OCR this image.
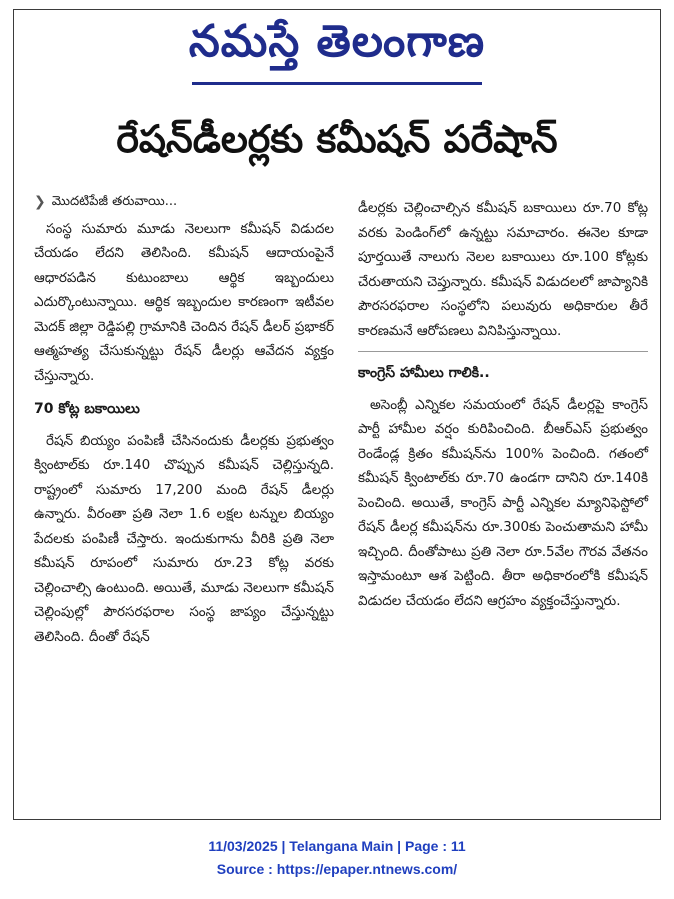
నమస్తే తెలంగాణ
రేషన్‌డీలర్లకు కమీషన్ పరేషాన్
❯ మొదటిపేజీ తరువాయి...

సంస్థ సుమారు మూడు నెలలుగా కమీషన్ విడుదల చేయడం లేదని తెలిసింది. కమీషన్ ఆదాయంపైనే ఆధారపడిన కుటుంబాలు ఆర్థిక ఇబ్బందులు ఎదుర్కొంటున్నాయి. ఆర్థిక ఇబ్బందుల కారణంగా ఇటీవల మెదక్ జిల్లా రెడ్డిపల్లి గ్రామానికి చెందిన రేషన్ డీలర్ ప్రభాకర్ ఆత్మహత్య చేసుకున్నట్టు రేషన్ డీలర్లు ఆవేదన వ్యక్తం చేస్తున్నారు.

70 కోట్ల బకాయిలు

రేషన్ బియ్యం పంపిణీ చేసినందుకు డీలర్లకు ప్రభుత్వం క్వింటాల్‌కు రూ.140 చొప్పున కమీషన్ చెల్లిస్తున్నది. రాష్ట్రంలో సుమారు 17,200 మంది రేషన్ డీలర్లు ఉన్నారు. వీరంతా ప్రతి నెలా 1.6 లక్షల టన్నుల బియ్యం పేదలకు పంపిణీ చేస్తారు. ఇందుకుగాను వీరికి ప్రతి నెలా కమీషన్ రూపంలో సుమారు రూ.23 కోట్ల వరకు చెల్లించాల్సి ఉంటుంది. అయితే, మూడు నెలలుగా కమీషన్ చెల్లింపుల్లో పౌరసరఫరాల సంస్థ జాప్యం చేస్తున్నట్టు తెలిసింది. దీంతో రేషన్

డీలర్లకు చెల్లించాల్సిన కమీషన్ బకాయిలు రూ.70 కోట్ల వరకు పెండింగ్‌లో ఉన్నట్టు సమాచారం. ఈనెల కూడా పూర్తయితే నాలుగు నెలల బకాయిలు రూ.100 కోట్లకు చేరుతాయని చెప్తున్నారు. కమీషన్ విడుదలలో జాప్యానికి పౌరసరఫరాల సంస్థలోని పలువురు అధికారుల తీరే కారణమనే ఆరోపణలు వినిపిస్తున్నాయి.

కాంగ్రెస్ హామీలు గాలికి..

అసెంబ్లీ ఎన్నికల సమయంలో రేషన్ డీలర్లపై కాంగ్రెస్ పార్టీ హామీల వర్షం కురిపించింది. బీఆర్‌ఎస్ ప్రభుత్వం రెండేండ్ల క్రితం కమీషన్‌ను 100% పెంచింది. గతంలో కమీషన్ క్వింటాల్‌కు రూ.70 ఉండగా దానిని రూ.140కి పెంచింది. అయితే, కాంగ్రెస్ పార్టీ ఎన్నికల మ్యానిఫెస్టోలో రేషన్ డీలర్ల కమీషన్‌ను రూ.300కు పెంచుతామని హామీ ఇచ్చింది. దీంతోపాటు ప్రతి నెలా రూ.5వేల గౌరవ వేతనం ఇస్తామంటూ ఆశ పెట్టింది. తీరా అధికారంలోకి కమీషన్ విడుదల చేయడం లేదని ఆగ్రహం వ్యక్తంచేస్తున్నారు.

11/03/2025 | Telangana Main | Page : 11
Source : https://epaper.ntnews.com/
